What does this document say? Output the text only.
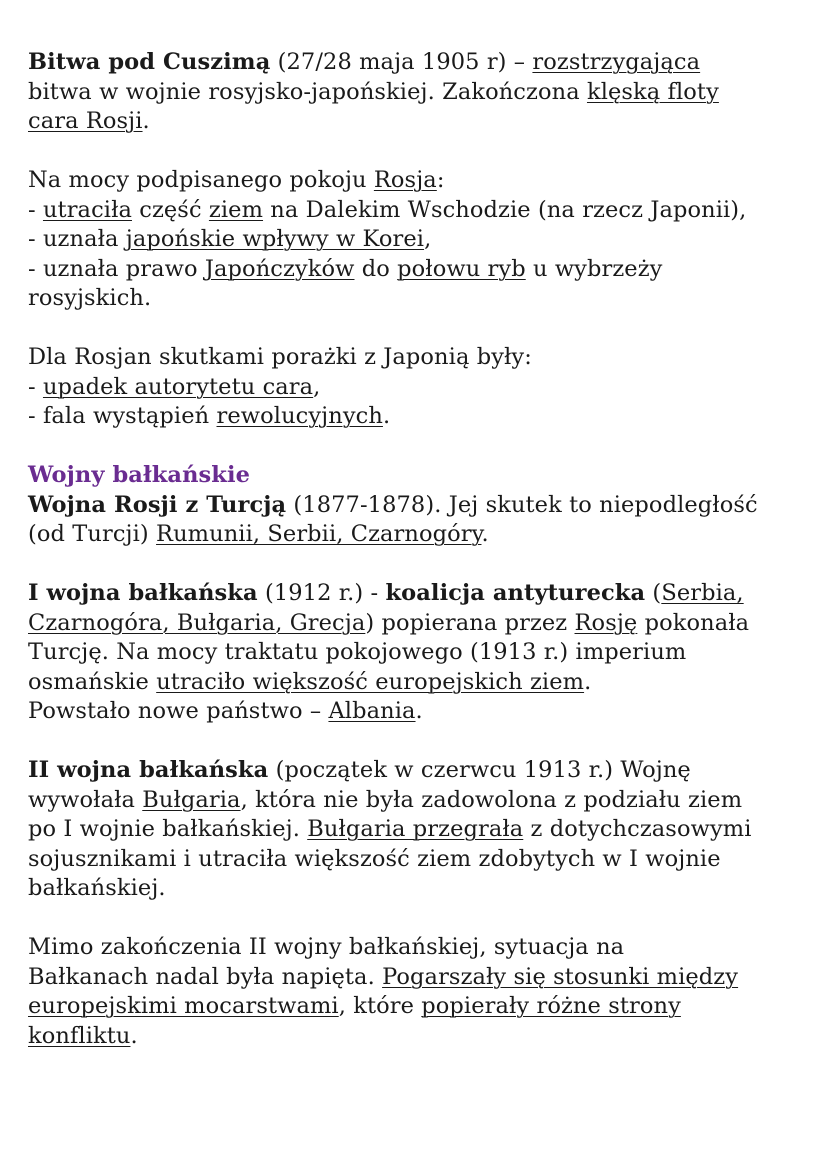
Bitwa pod Cuszimą (27/28 maja 1905 r) – rozstrzygająca
bitwa w wojnie rosyjsko-japońskiej. Zakończona klęską floty
cara Rosji.
Na mocy podpisanego pokoju Rosja:
- utraciła część ziem na Dalekim Wschodzie (na rzecz Japonii),
- uznała japońskie wpływy w Korei,
- uznała prawo Japończyków do połowu ryb u wybrzeży
rosyjskich.
Dla Rosjan skutkami porażki z Japonią były:
- upadek autorytetu cara,
- fala wystąpień rewolucyjnych.
Wojny bałkańskie
Wojna Rosji z Turcją (1877-1878). Jej skutek to niepodległość
(od Turcji) Rumunii, Serbii, Czarnogóry.
I wojna bałkańska (1912 r.) - koalicja antyturecka (Serbia,
Czarnogóra, Bułgaria, Grecja) popierana przez Rosję pokonała
Turcję. Na mocy traktatu pokojowego (1913 r.) imperium
osmańskie utraciło większość europejskich ziem.
Powstało nowe państwo – Albania.
II wojna bałkańska (początek w czerwcu 1913 r.) Wojnę
wywołała Bułgaria, która nie była zadowolona z podziału ziem
po I wojnie bałkańskiej. Bułgaria przegrała z dotychczasowymi
sojusznikami i utraciła większość ziem zdobytych w I wojnie
bałkańskiej.
Mimo zakończenia II wojny bałkańskiej, sytuacja na
Bałkanach nadal była napięta. Pogarszały się stosunki między
europejskimi mocarstwami, które popierały różne strony
konfliktu.
